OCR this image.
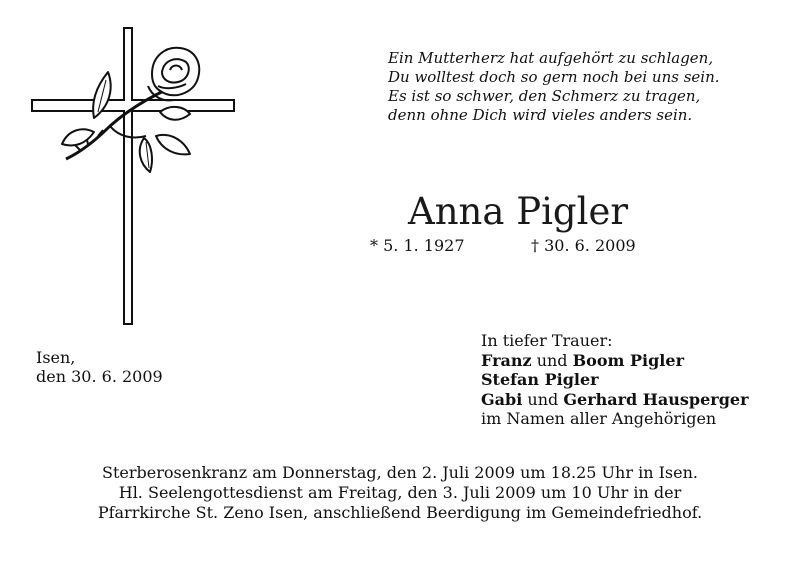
Ein Mutterherz hat aufgehört zu schlagen,
Du wolltest doch so gern noch bei uns sein.
Es ist so schwer, den Schmerz zu tragen,
denn ohne Dich wird vieles anders sein.
Anna Pigler
* 5. 1. 1927	† 30. 6. 2009
Isen,
den 30. 6. 2009
In tiefer Trauer:
Franz und Boom Pigler
Stefan Pigler
Gabi und Gerhard Hausperger
im Namen aller Angehörigen
Sterberosenkranz am Donnerstag, den 2. Juli 2009 um 18.25 Uhr in Isen.
Hl. Seelengottesdienst am Freitag, den 3. Juli 2009 um 10 Uhr in der
Pfarrkirche St. Zeno Isen, anschließend Beerdigung im Gemeindefriedhof.
